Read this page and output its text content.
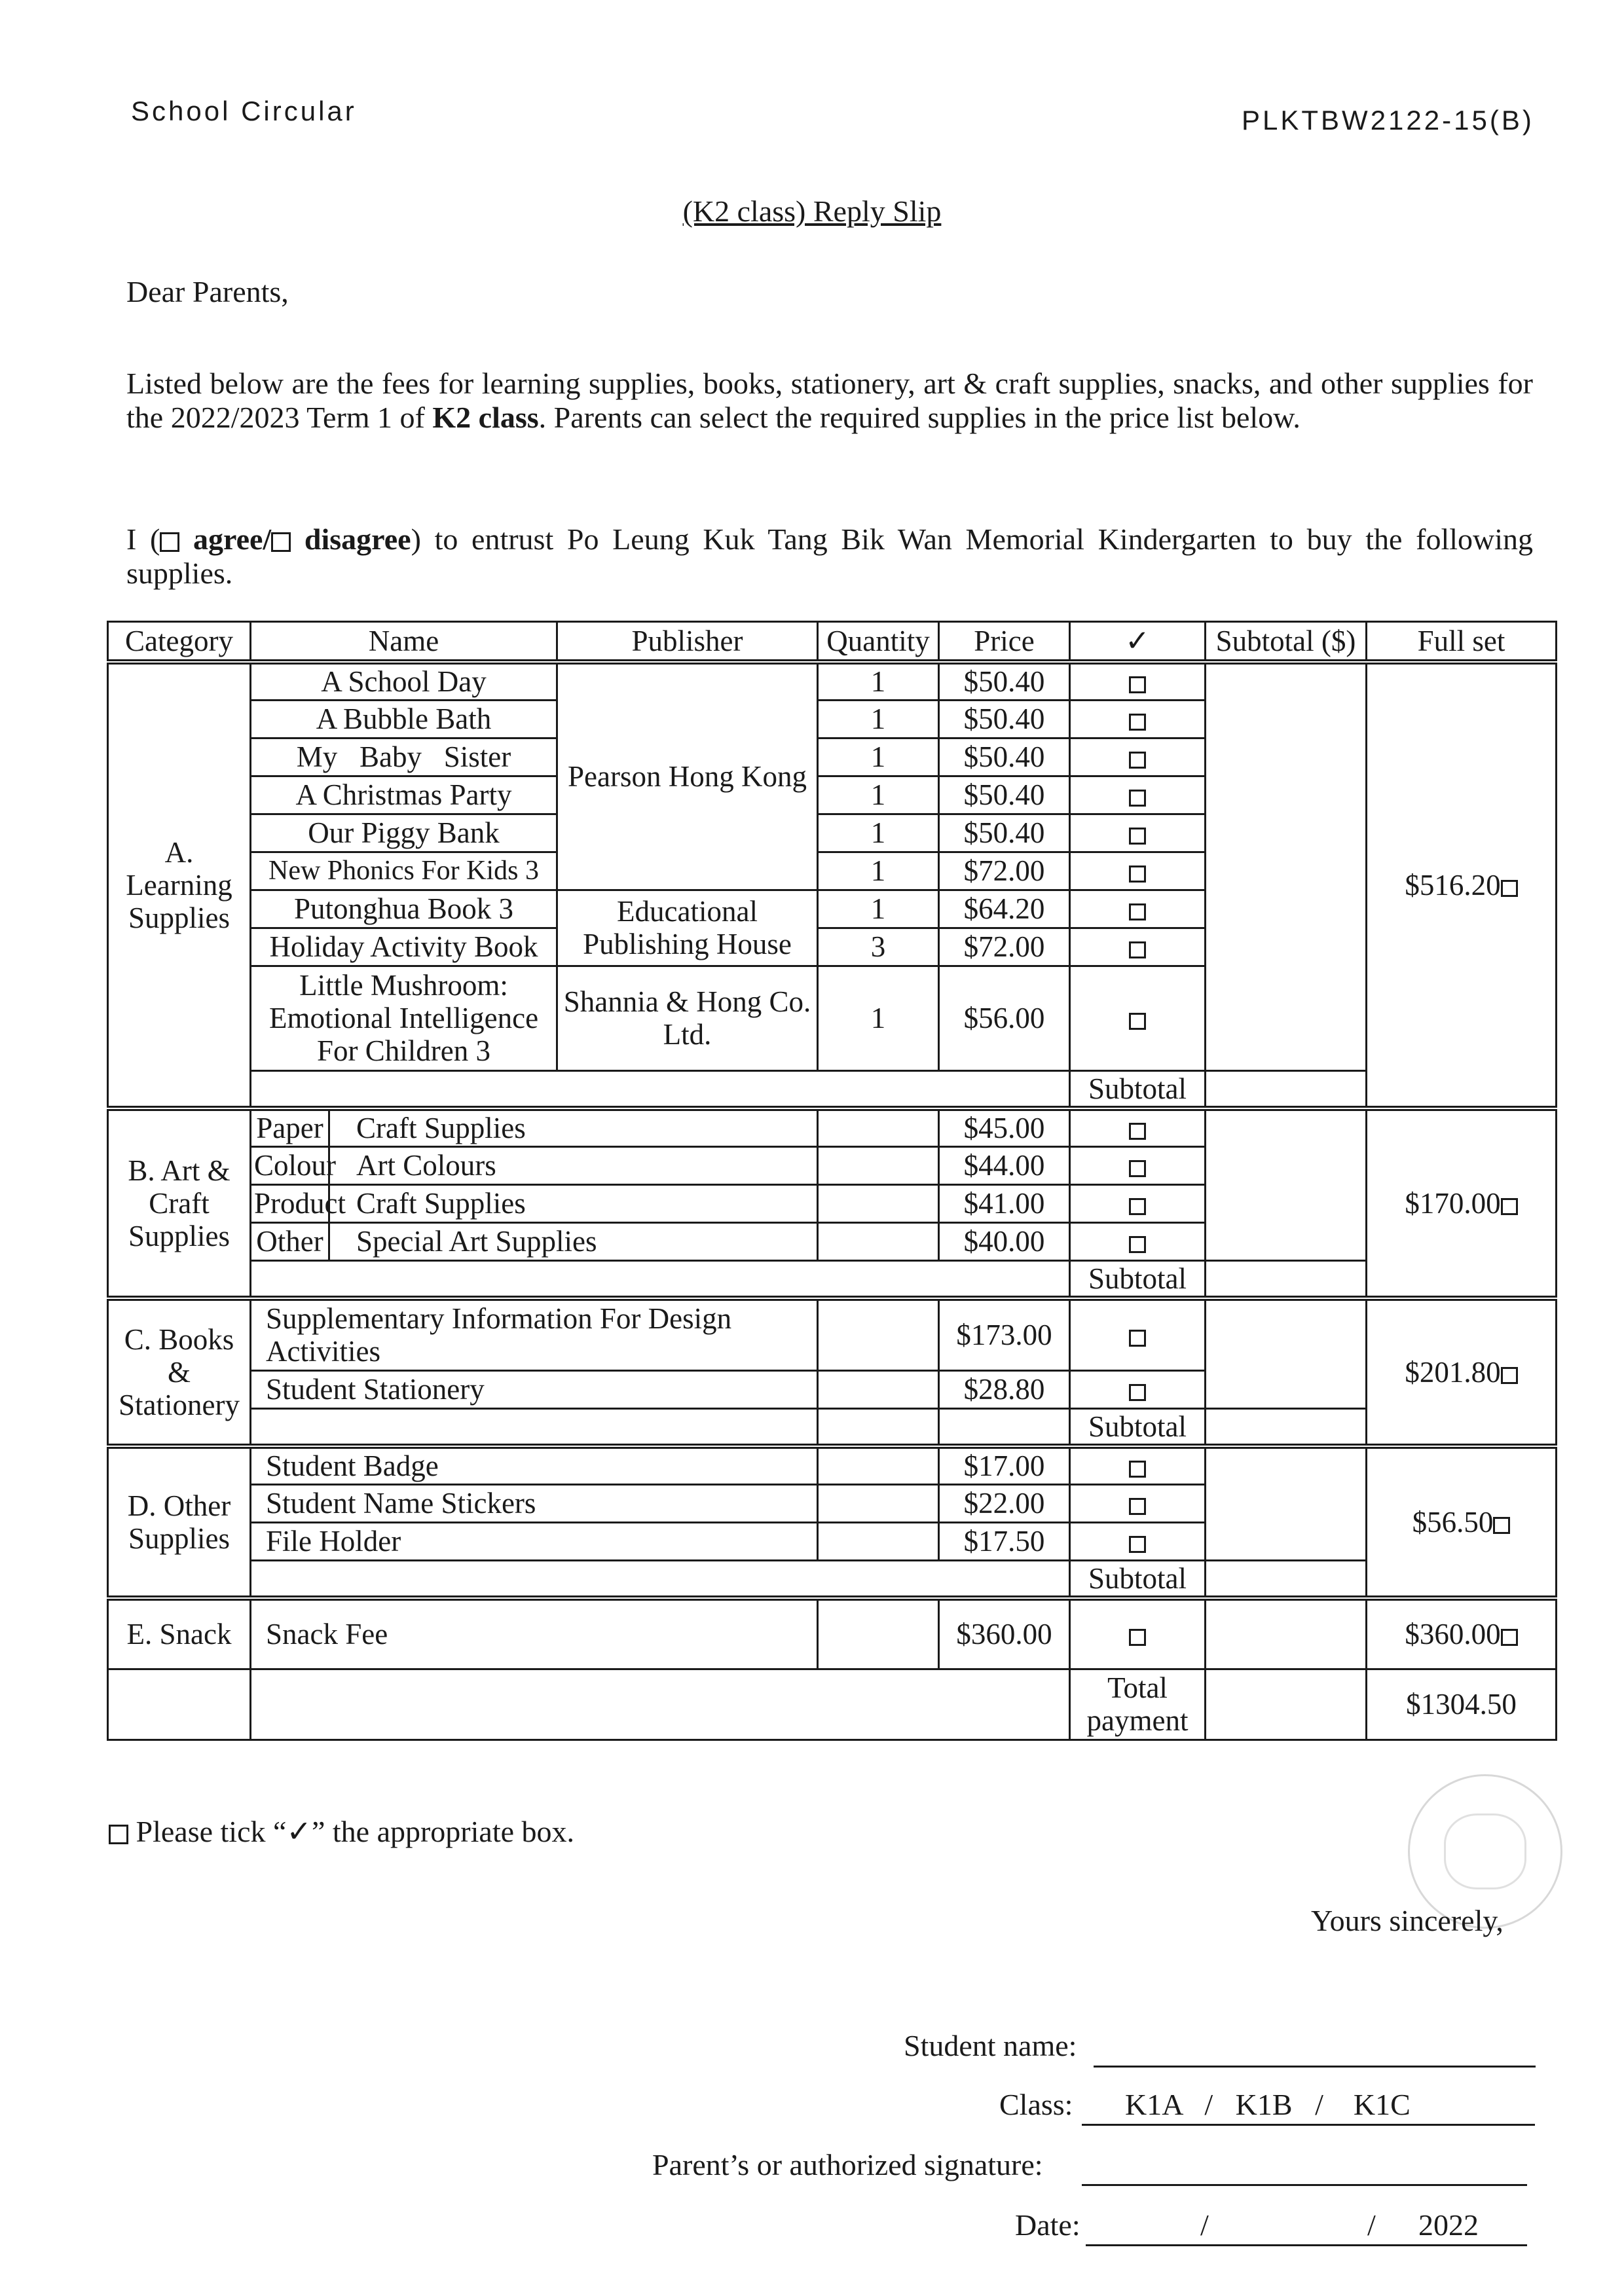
School Circular	PLKTBW2122-15(B)
(K2 class) Reply Slip
Dear Parents,
Listed below are the fees for learning supplies, books, stationery, art & craft supplies, snacks, and other supplies for the 2022/2023 Term 1 of K2 class. Parents can select the required supplies in the price list below.
I ( agree/ disagree) to entrust Po Leung Kuk Tang Bik Wan Memorial Kindergarten to buy the following supplies.
Category	Name		Publisher	Quantity	Price	✓	Subtotal ($)	Full set
A. Learning Supplies	A School Day		Pearson Hong Kong	1	$50.40			$516.20
	A Bubble Bath			1	$50.40			
	My   Baby   Sister			1	$50.40			
	A Christmas Party			1	$50.40			
	Our Piggy Bank			1	$50.40			
	New Phonics For Kids 3			1	$72.00			
	Putonghua Book 3		Educational Publishing House	1	$64.20			
	Holiday Activity Book			3	$72.00			
	Little Mushroom: Emotional Intelligence For Children 3		Shannia & Hong Co. Ltd.	1	$56.00			
						Subtotal		
B. Art & Craft Supplies	Paper	Craft Supplies			$45.00			$170.00
	Colour	Art Colours			$44.00			
	Product	Craft Supplies			$41.00			
	Other	Special Art Supplies			$40.00			
						Subtotal		
C. Books & Stationery	Supplementary Information For Design Activities				$173.00			$201.80
	Student Stationery				$28.80			
						Subtotal		
D. Other Supplies	Student Badge				$17.00			$56.50
	Student Name Stickers				$22.00			
	File Holder				$17.50			
						Subtotal		
E. Snack	Snack Fee				$360.00			$360.00
						Total payment		$1304.50
Please tick “✓” the appropriate box.
Yours sincerely,
Student name:
Class: K1A   /   K1B   /    K1C
Parent’s or authorized signature:
Date:	/	/ 2022
